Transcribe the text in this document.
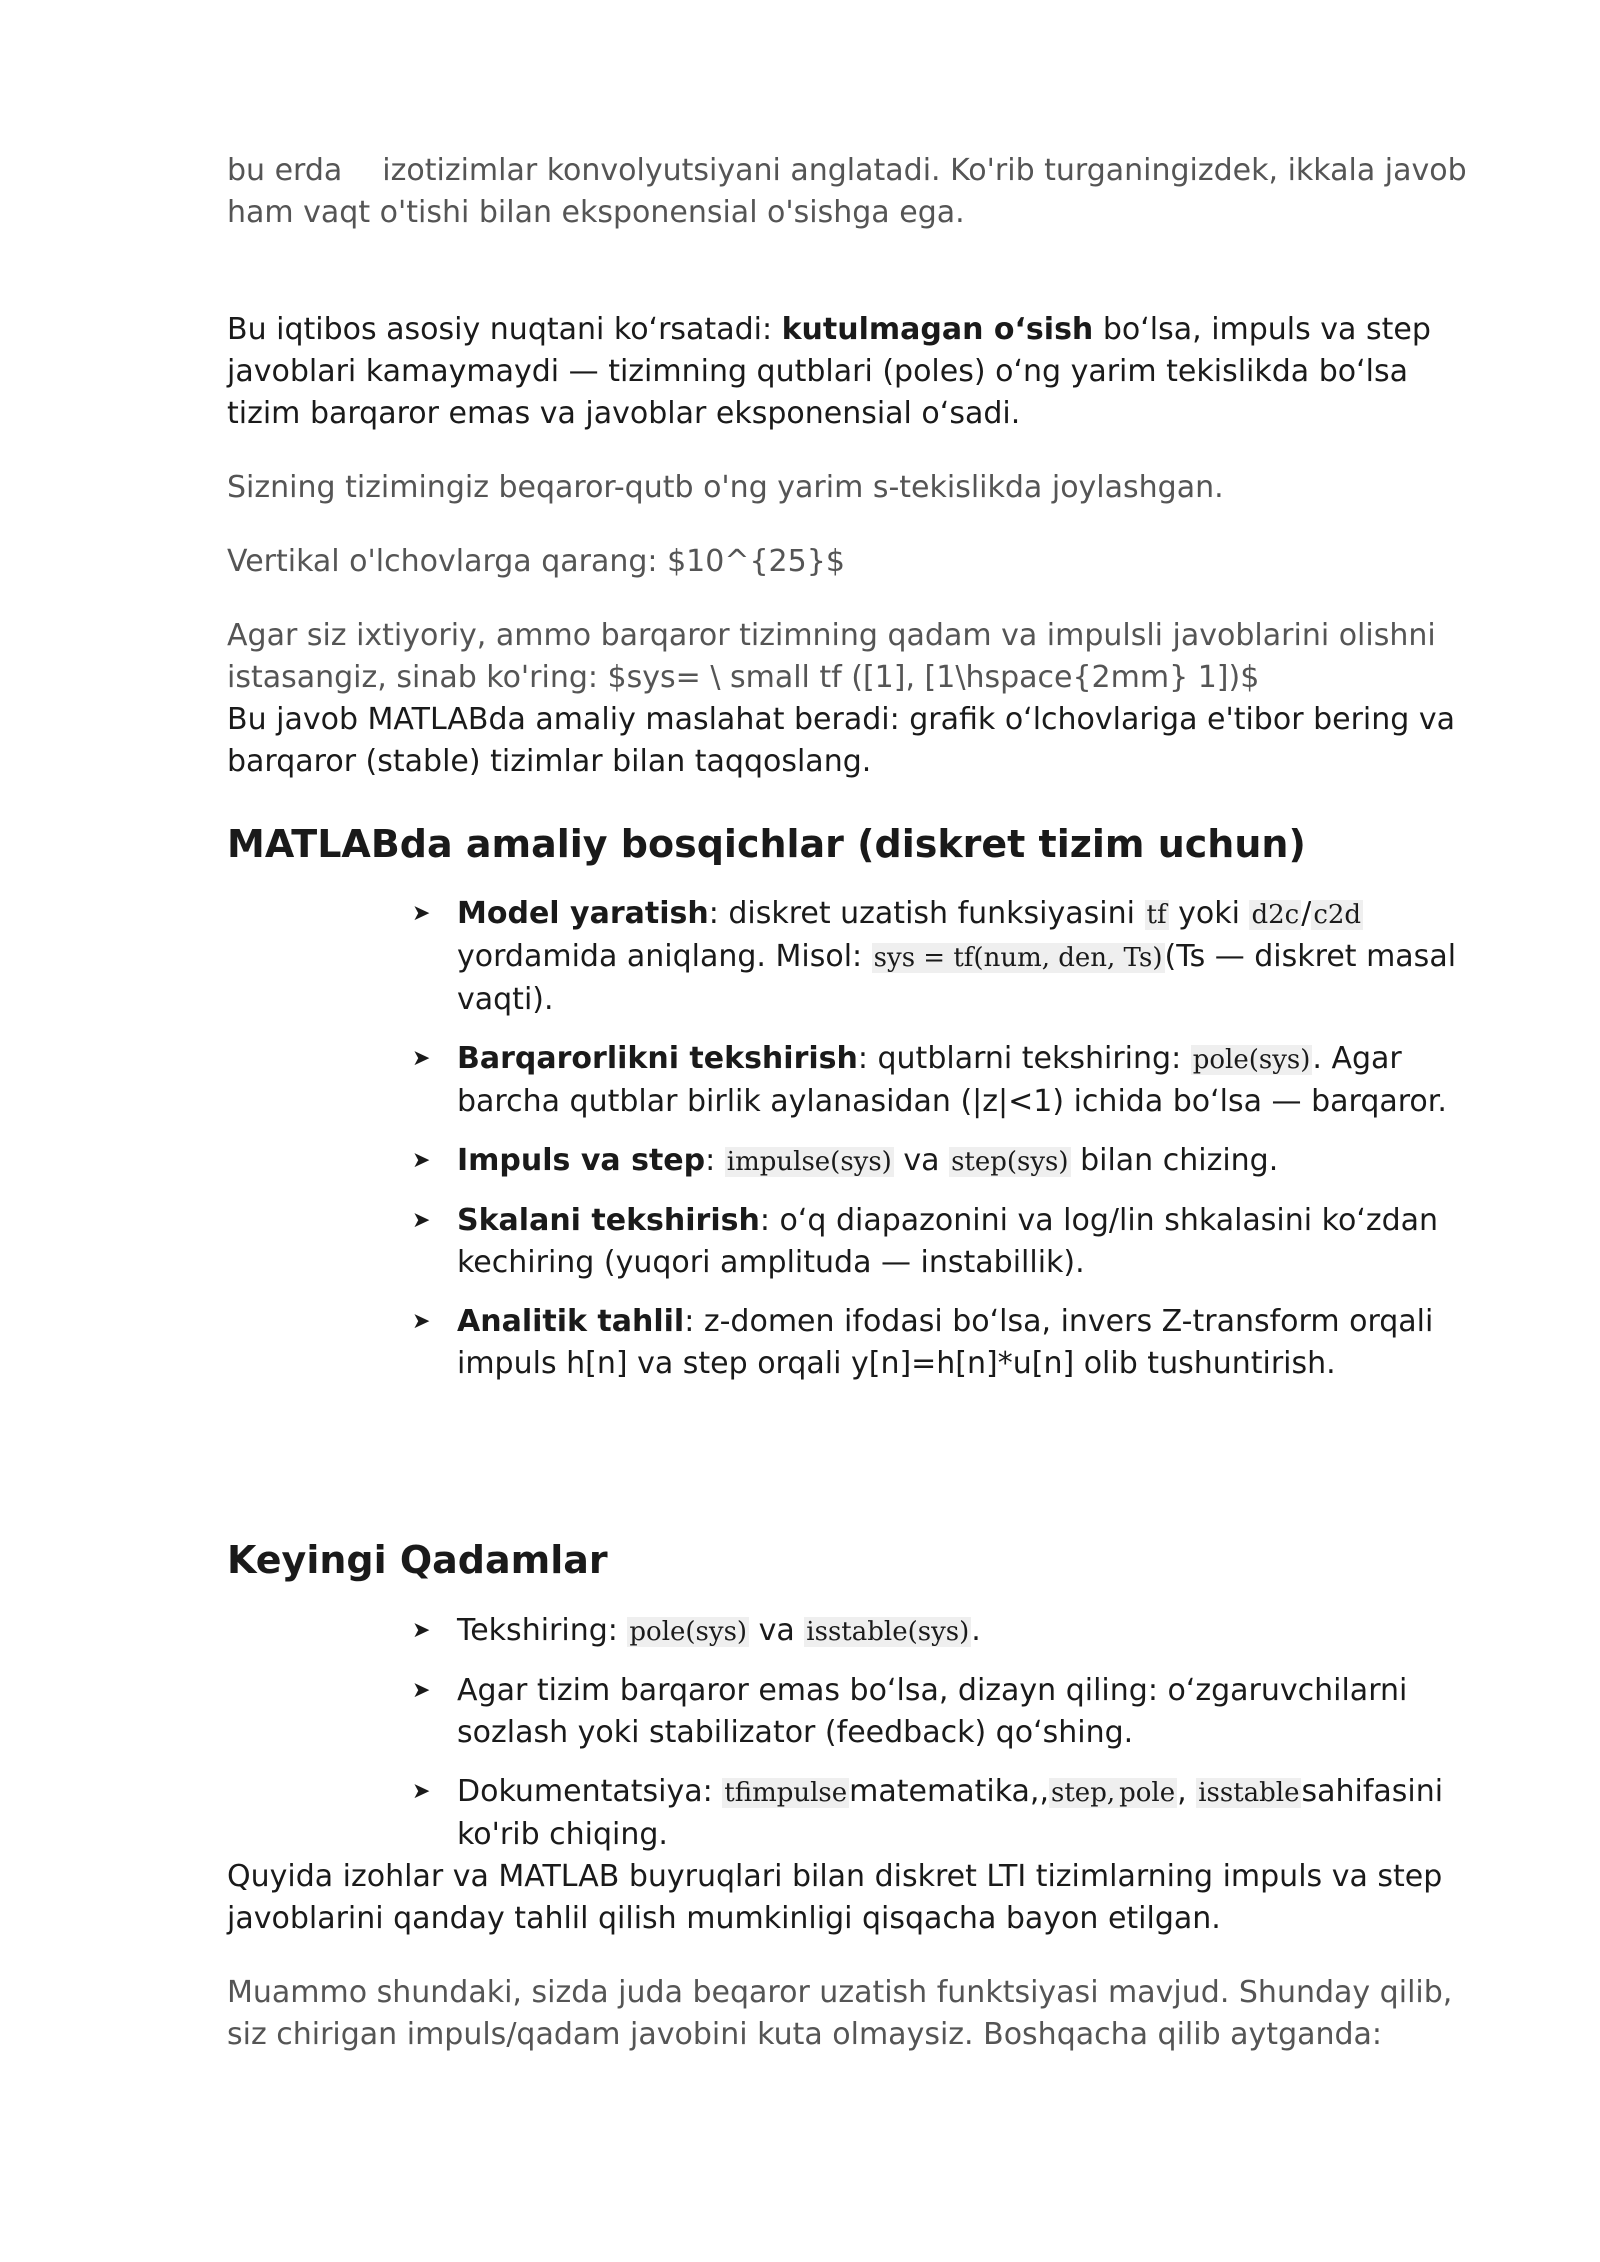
bu erda izotizimlar konvolyutsiyani anglatadi. Ko'rib turganingizdek, ikkala javob
ham vaqt o'tishi bilan eksponensial o'sishga ega.

Bu iqtibos asosiy nuqtani ko‘rsatadi: kutulmagan o‘sish bo‘lsa, impuls va step javoblari kamaymaydi — tizimning qutblari (poles) o‘ng yarim tekislikda bo‘lsa tizim barqaror emas va javoblar eksponensial o‘sadi.

Sizning tizimingiz beqaror-qutb o'ng yarim s-tekislikda joylashgan.

Vertikal o'lchovlarga qarang: $10^{25}$

Agar siz ixtiyoriy, ammo barqaror tizimning qadam va impulsli javoblarini olishni istasangiz, sinab ko'ring: $sys= \ small tf ([1], [1\hspace{2mm} 1])$

Bu javob MATLABda amaliy maslahat beradi: grafik o‘lchovlariga e'tibor bering va barqaror (stable) tizimlar bilan taqqoslang.

MATLABda amaliy bosqichlar (diskret tizim uchun)
➤ Model yaratish: diskret uzatish funksiyasini tf yoki d2c/c2d yordamida aniqlang. Misol: sys = tf(num, den, Ts)(Ts — diskret masal vaqti).
➤ Barqarorlikni tekshirish: qutblarni tekshiring: pole(sys). Agar barcha qutblar birlik aylanasidan (|z|<1) ichida bo‘lsa — barqaror.
➤ Impuls va step: impulse(sys) va step(sys) bilan chizing.
➤ Skalani tekshirish: o‘q diapazonini va log/lin shkalasini ko‘zdan kechiring (yuqori amplituda — instabillik).
➤ Analitik tahlil: z-domen ifodasi bo‘lsa, invers Z-transform orqali impuls h[n] va step orqali y[n]=h[n]*u[n] olib tushuntirish.
Keyingi Qadamlar
➤ Tekshiring: pole(sys) va isstable(sys).
➤ Agar tizim barqaror emas bo‘lsa, dizayn qiling: o‘zgaruvchilarni sozlash yoki stabilizator (feedback) qo‘shing.
➤ Dokumentatsiya: tfimpulsematematika,,step, pole, isstablesahifasini ko'rib chiqing.

Quyida izohlar va MATLAB buyruqlari bilan diskret LTI tizimlarning impuls va step javoblarini qanday tahlil qilish mumkinligi qisqacha bayon etilgan.

Muammo shundaki, sizda juda beqaror uzatish funktsiyasi mavjud. Shunday qilib, siz chirigan impuls/qadam javobini kuta olmaysiz. Boshqacha qilib aytganda:
